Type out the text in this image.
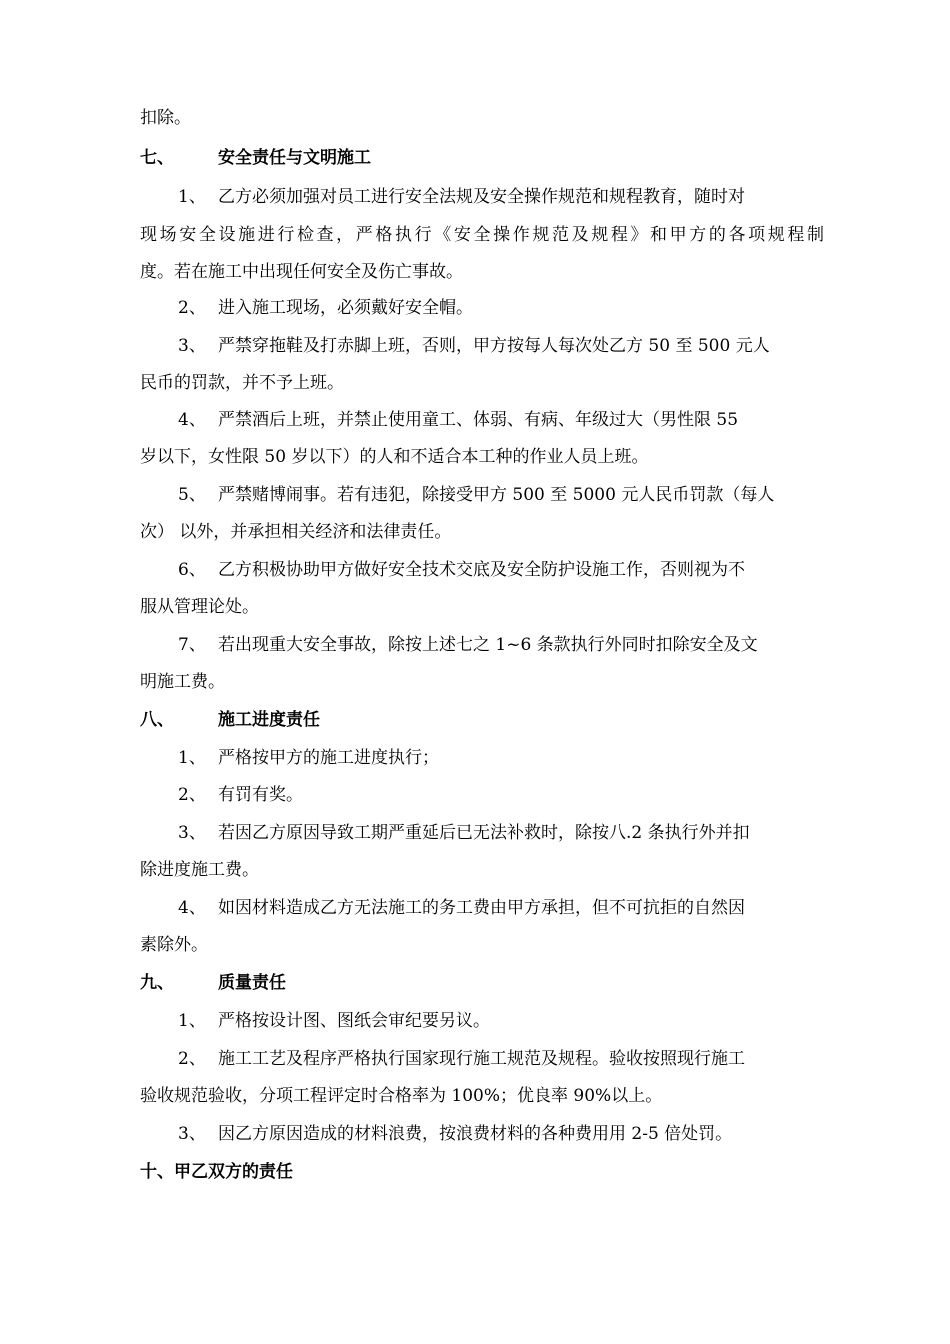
扣除。
七、	安全责任与文明施工
1、 乙方必须加强对员工进行安全法规及安全操作规范和规程教育，随时对
现场安全设施进行检查，严格执行《安全操作规范及规程》和甲方的各项规程制
度。若在施工中出现任何安全及伤亡事故。
2、 进入施工现场，必须戴好安全帽。
3、 严禁穿拖鞋及打赤脚上班，否则，甲方按每人每次处乙方 50 至 500 元人
民币的罚款，并不予上班。
4、 严禁酒后上班，并禁止使用童工、体弱、有病、年级过大（男性限 55
岁以下，女性限 50 岁以下）的人和不适合本工种的作业人员上班。
5、 严禁赌博闹事。若有违犯，除接受甲方 500 至 5000 元人民币罚款（每人
次） 以外，并承担相关经济和法律责任。
6、 乙方积极协助甲方做好安全技术交底及安全防护设施工作，否则视为不
服从管理论处。
7、 若出现重大安全事故，除按上述七之 1~6 条款执行外同时扣除安全及文
明施工费。
八、	施工进度责任
1、 严格按甲方的施工进度执行；
2、 有罚有奖。
3、 若因乙方原因导致工期严重延后已无法补救时，除按八.2 条执行外并扣
除进度施工费。
4、 如因材料造成乙方无法施工的务工费由甲方承担，但不可抗拒的自然因
素除外。
九、	质量责任
1、 严格按设计图、图纸会审纪要另议。
2、 施工工艺及程序严格执行国家现行施工规范及规程。验收按照现行施工
验收规范验收，分项工程评定时合格率为 100%；优良率 90%以上。
3、 因乙方原因造成的材料浪费，按浪费材料的各种费用用 2-5 倍处罚。
十、甲乙双方的责任
